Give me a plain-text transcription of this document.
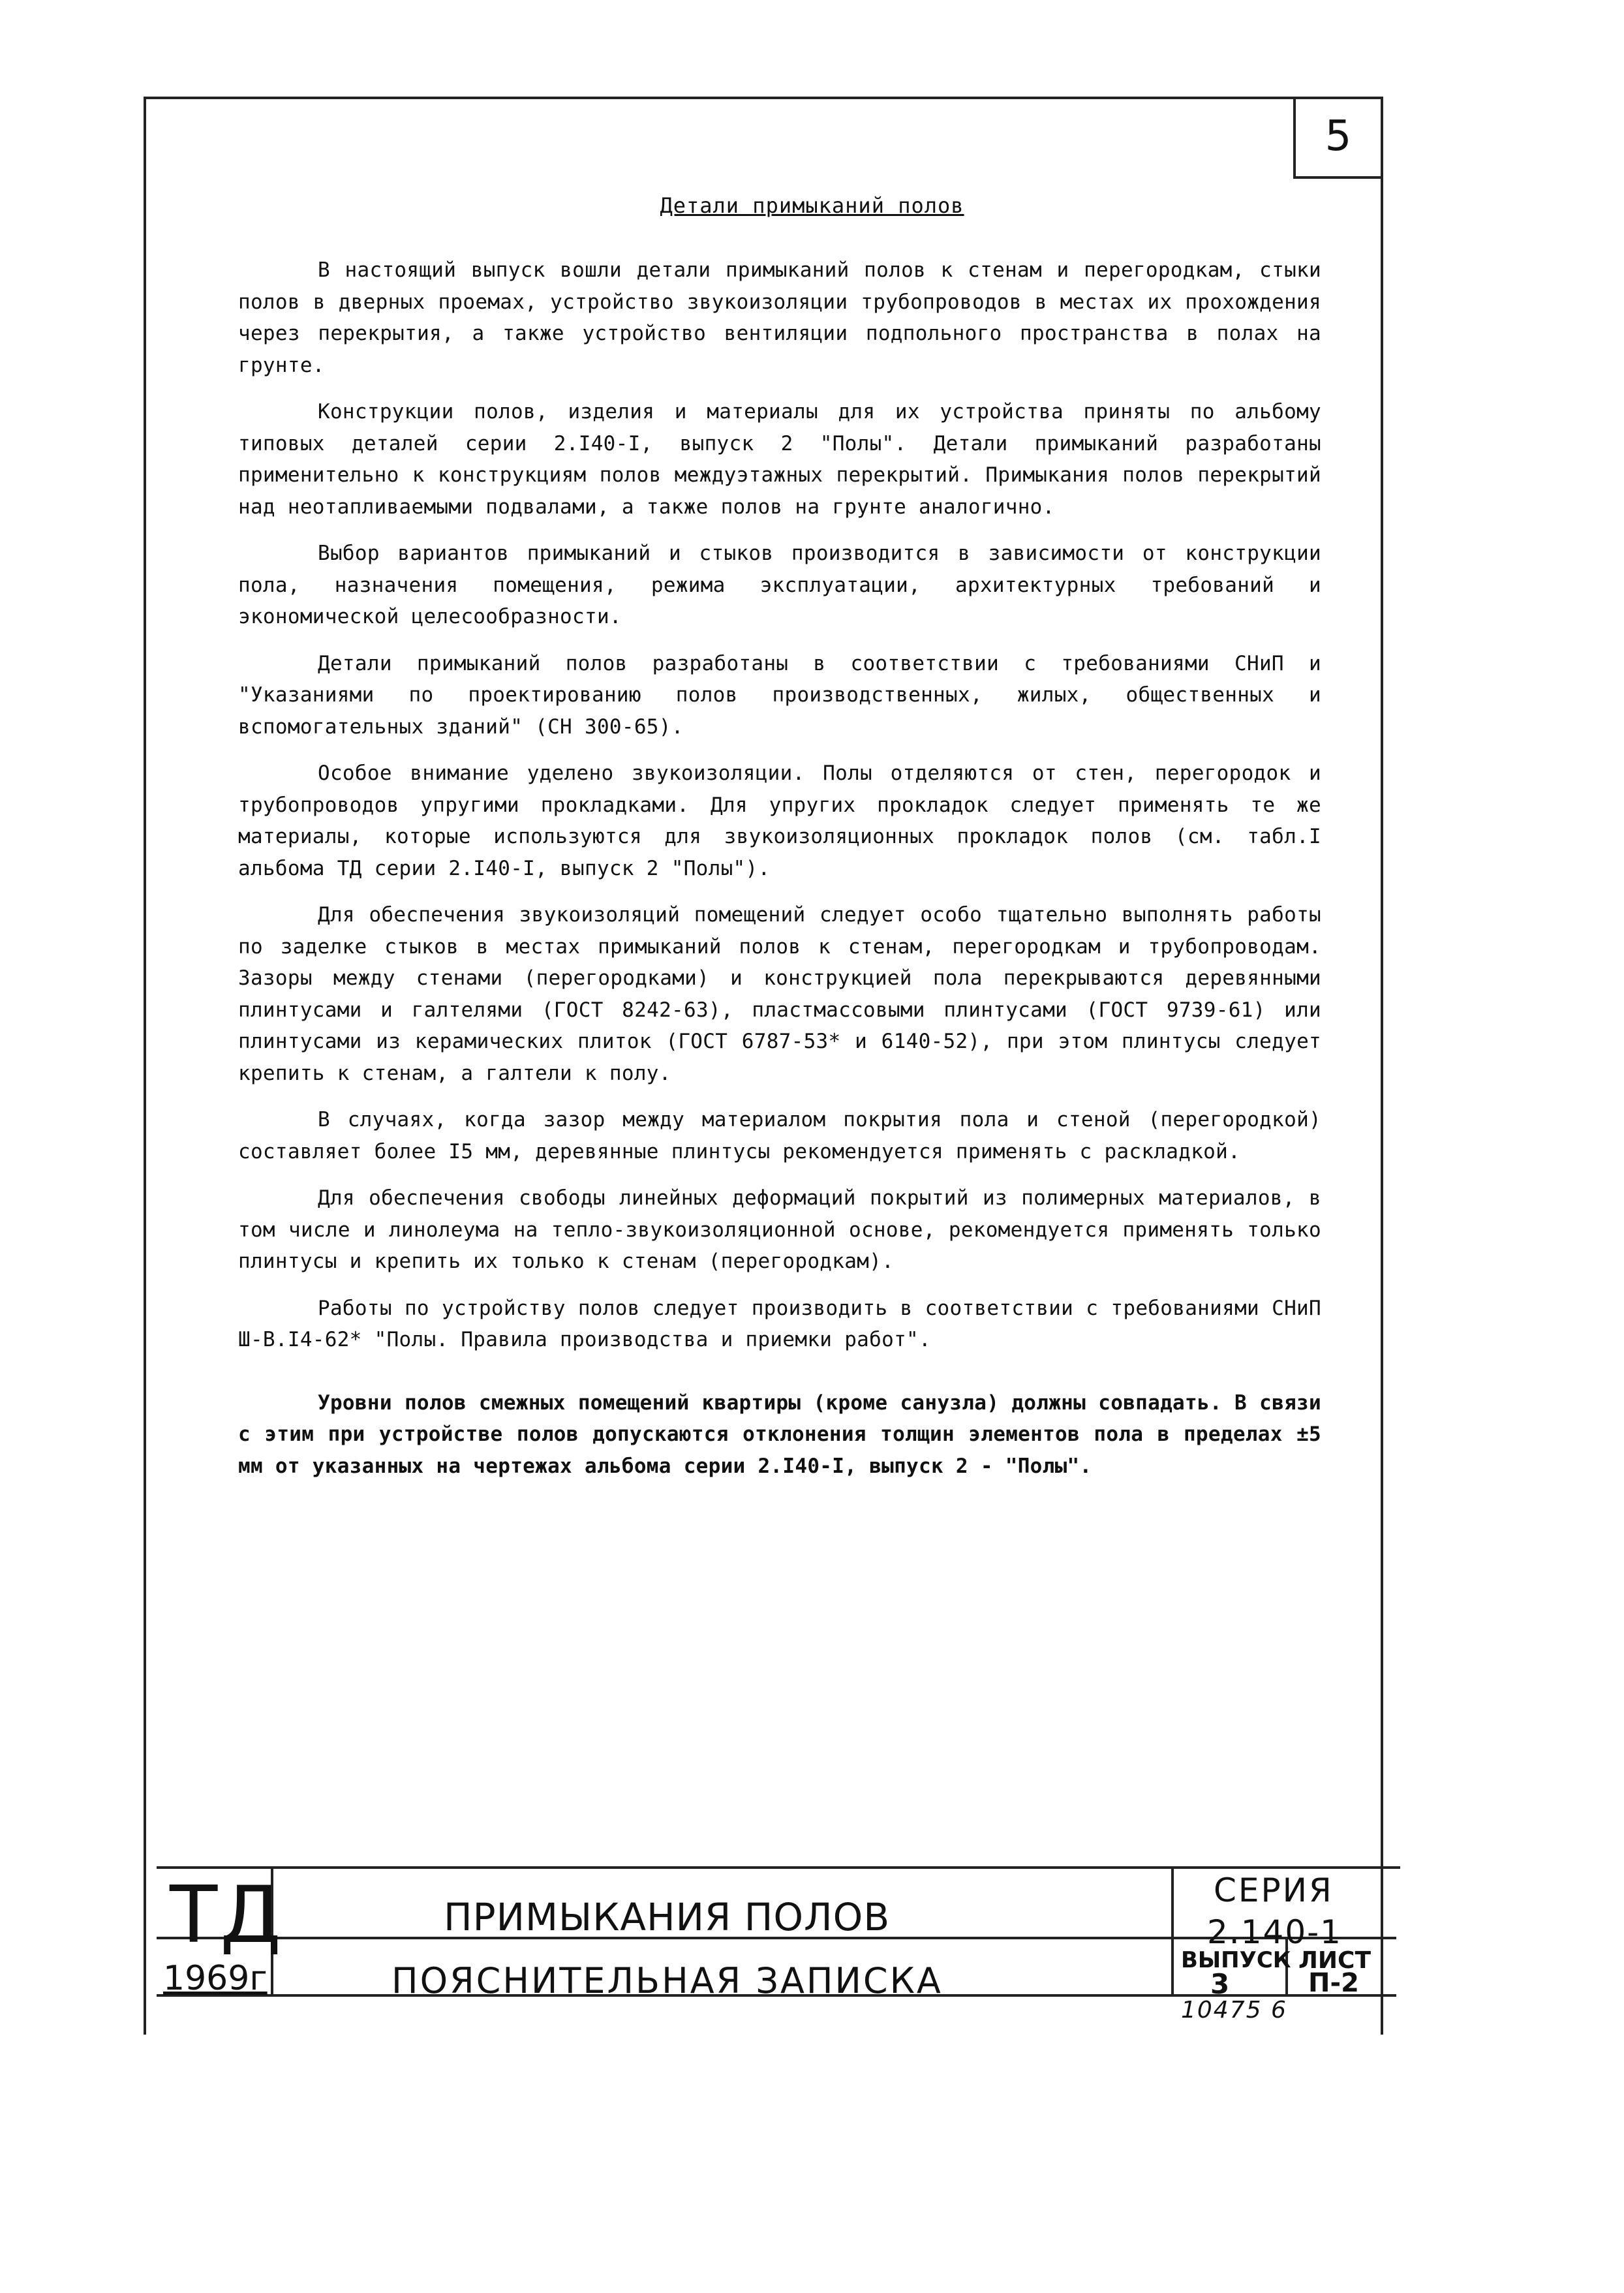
5
Детали примыканий полов

В настоящий выпуск вошли детали примыканий полов к стенам и перегородкам, стыки полов в дверных проемах, устройство звукоизоляции трубопроводов в местах их прохождения через перекрытия, а также устройство вентиляции подпольного пространства в полах на грунте.

Конструкции полов, изделия и материалы для их устройства приняты по альбому типовых деталей серии 2.I40-I, выпуск 2 "Полы". Детали примыканий разработаны применительно к конструкциям полов междуэтажных перекрытий. Примыкания полов перекрытий над неотапливаемыми подвалами, а также полов на грунте аналогично.

Выбор вариантов примыканий и стыков производится в зависимости от конструкции пола, назначения помещения, режима эксплуатации, архитектурных требований и экономической целесообразности.

Детали примыканий полов разработаны в соответствии с требованиями СНиП и "Указаниями по проектированию полов производственных, жилых, общественных и вспомогательных зданий" (СН 300-65).

Особое внимание уделено звукоизоляции. Полы отделяются от стен, перегородок и трубопроводов упругими прокладками. Для упругих прокладок следует применять те же материалы, которые используются для звукоизоляционных прокладок полов (см. табл.I альбома ТД серии 2.I40-I, выпуск 2 "Полы").

Для обеспечения звукоизоляций помещений следует особо тщательно выполнять работы по заделке стыков в местах примыканий полов к стенам, перегородкам и трубопроводам. Зазоры между стенами (перегородками) и конструкцией пола перекрываются деревянными плинтусами и галтелями (ГОСТ 8242-63), пластмассовыми плинтусами (ГОСТ 9739-61) или плинтусами из керамических плиток (ГОСТ 6787-53* и 6140-52), при этом плинтусы следует крепить к стенам, а галтели к полу.

В случаях, когда зазор между материалом покрытия пола и стеной (перегородкой) составляет более I5 мм, деревянные плинтусы рекомендуется применять с раскладкой.

Для обеспечения свободы линейных деформаций покрытий из полимерных материалов, в том числе и линолеума на тепло-звукоизоляционной основе, рекомендуется применять только плинтусы и крепить их только к стенам (перегородкам).

Работы по устройству полов следует производить в соответствии с требованиями СНиП Ш-В.I4-62* "Полы. Правила производства и приемки работ".

Уровни полов смежных помещений квартиры (кроме санузла) должны совпадать. В связи с этим при устройстве полов допускаются отклонения толщин элементов пола в пределах ±5 мм от указанных на чертежах альбома серии 2.I40-I, выпуск 2 - "Полы".

ТД
1969г
ПРИМЫКАНИЯ ПОЛОВ
ПОЯСНИТЕЛЬНАЯ ЗАПИСКА
СЕРИЯ
2.140-1
ВЫПУСК
3
ЛИСТ
П-2
10475 6
